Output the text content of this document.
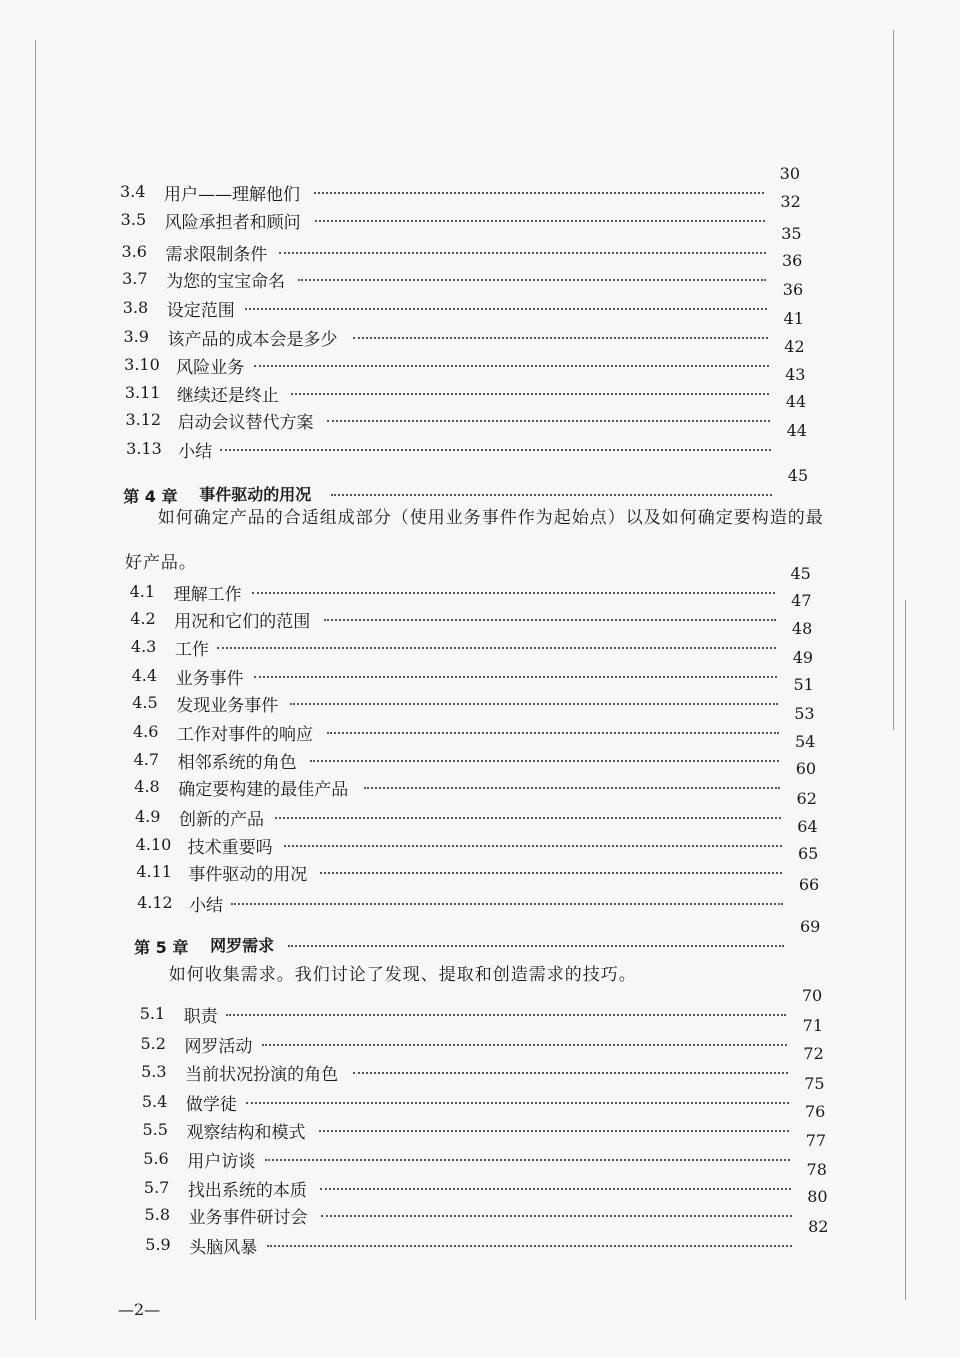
3.4 用户——理解他们
30
3.5 风险承担者和顾问
32
3.6 需求限制条件
35
3.7 为您的宝宝命名
36
3.8 设定范围
36
3.9 该产品的成本会是多少
41
3.10 风险业务
42
3.11 继续还是终止
43
3.12 启动会议替代方案
44
3.13 小结
44
第 4 章 事件驱动的用况
45
如何确定产品的合适组成部分（使用业务事件作为起始点）以及如何确定要构造的最
好产品。
4.1 理解工作
45
4.2 用况和它们的范围
47
4.3 工作
48
4.4 业务事件
49
4.5 发现业务事件
51
4.6 工作对事件的响应
53
4.7 相邻系统的角色
54
4.8 确定要构建的最佳产品
60
4.9 创新的产品
62
4.10 技术重要吗
64
4.11 事件驱动的用况
65
4.12 小结
66
第 5 章 网罗需求
69
如何收集需求。我们讨论了发现、提取和创造需求的技巧。
5.1 职责
70
5.2 网罗活动
71
5.3 当前状况扮演的角色
72
5.4 做学徒
75
5.5 观察结构和模式
76
5.6 用户访谈
77
5.7 找出系统的本质
78
5.8 业务事件研讨会
80
5.9 头脑风暴
82
—2—
